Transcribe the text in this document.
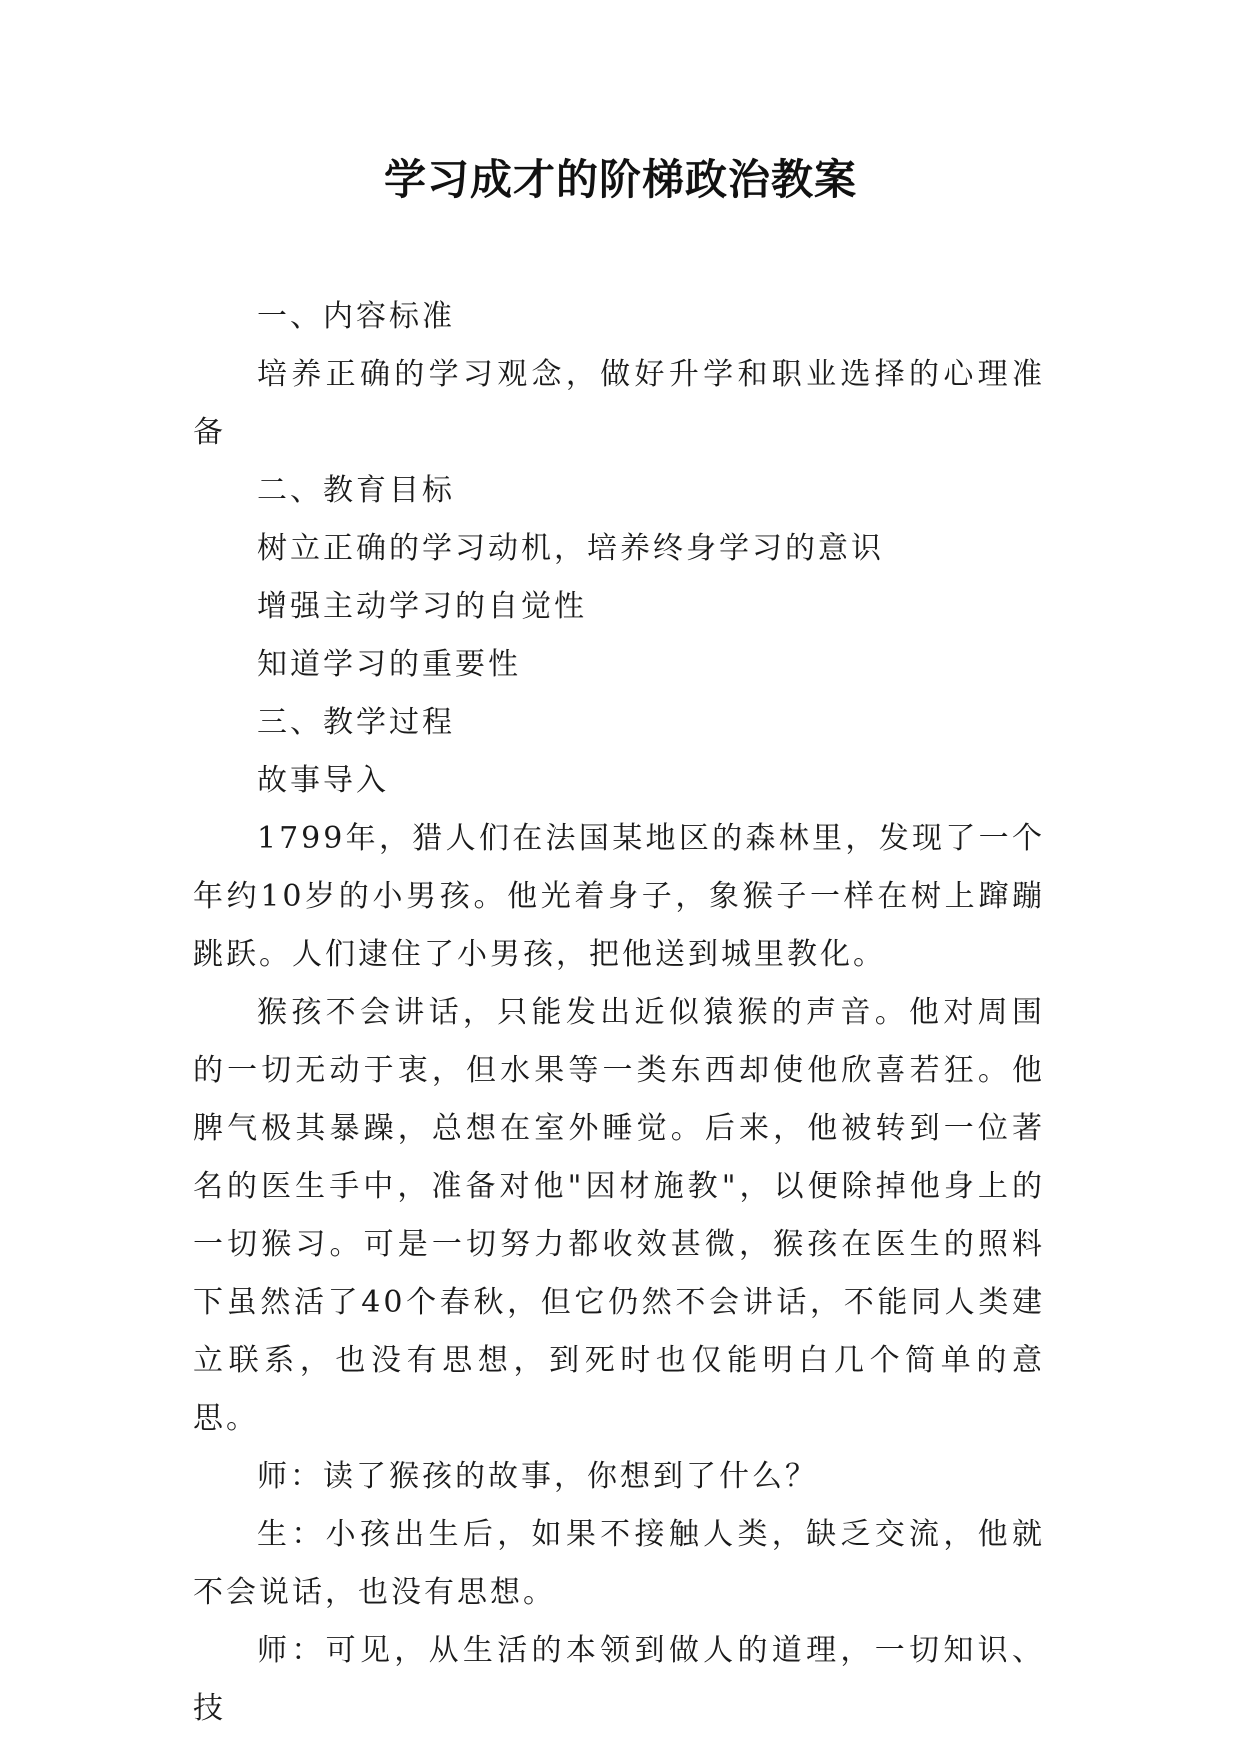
学习成才的阶梯政治教案

一、内容标准

培养正确的学习观念，做好升学和职业选择的心理准备

二、教育目标

树立正确的学习动机，培养终身学习的意识

增强主动学习的自觉性

知道学习的重要性

三、教学过程

故事导入

1799年，猎人们在法国某地区的森林里，发现了一个年约10岁的小男孩。他光着身子，象猴子一样在树上蹿蹦跳跃。人们逮住了小男孩，把他送到城里教化。

猴孩不会讲话，只能发出近似猿猴的声音。他对周围的一切无动于衷，但水果等一类东西却使他欣喜若狂。他脾气极其暴躁，总想在室外睡觉。后来，他被转到一位著名的医生手中，准备对他"因材施教"，以便除掉他身上的一切猴习。可是一切努力都收效甚微，猴孩在医生的照料下虽然活了40个春秋，但它仍然不会讲话，不能同人类建立联系，也没有思想，到死时也仅能明白几个简单的意思。

师：读了猴孩的故事，你想到了什么？

生：小孩出生后，如果不接触人类，缺乏交流，他就不会说话，也没有思想。

师：可见，从生活的本领到做人的道理，一切知识、技
